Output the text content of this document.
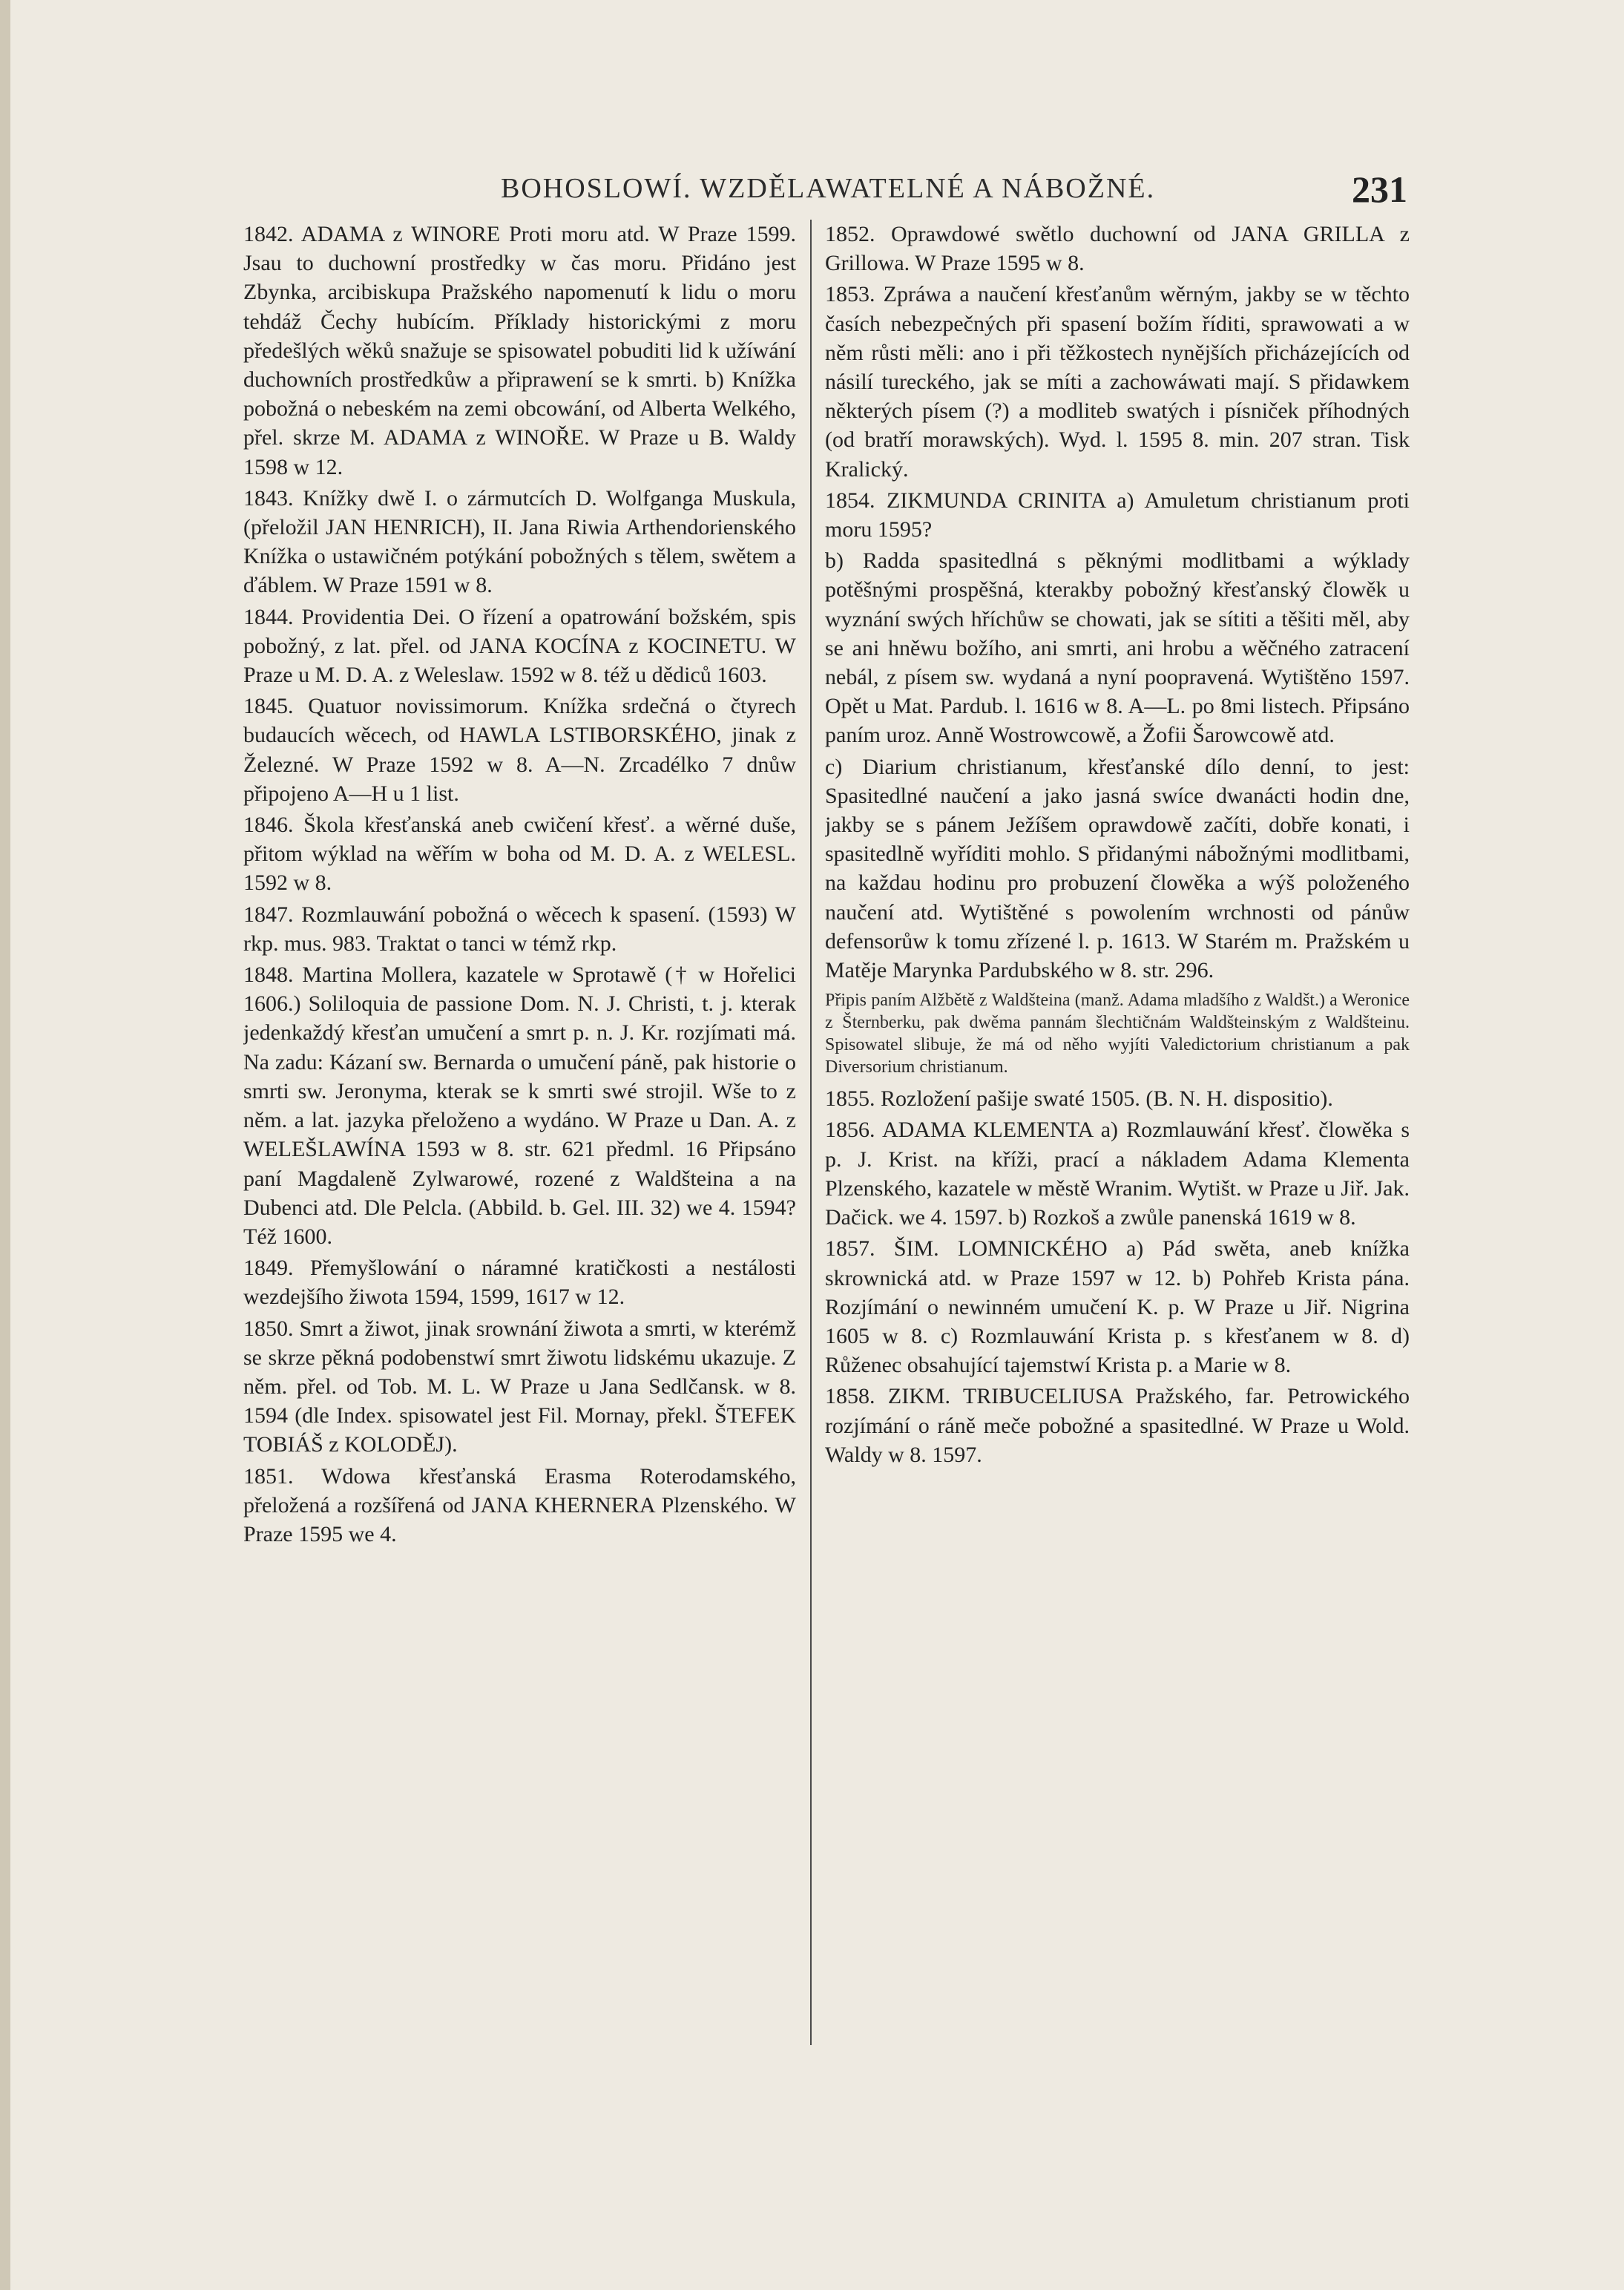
BOHOSLOWÍ. WZDĚLAWATELNÉ A NÁBOŽNÉ.	231

1842. ADAMA z WINORE Proti moru atd. W Praze 1599. Jsau to duchowní prostředky w čas moru. Přidáno jest Zbynka, arcibiskupa Pražského napomenutí k lidu o moru tehdáž Čechy hubícím. Příklady historickými z moru předešlých wěků snažuje se spisowatel pobuditi lid k užíwání duchowních prostředkůw a připrawení se k smrti. b) Knížka pobožná o nebeském na zemi obcowání, od Alberta Welkého, přel. skrze M. ADAMA z WINOŘE. W Praze u B. Waldy 1598 w 12.

1843. Knížky dwě I. o zármutcích D. Wolfganga Muskula, (přeložil JAN HENRICH), II. Jana Riwia Arthendorienského Knížka o ustawičném potýkání pobožných s tělem, swětem a ďáblem. W Praze 1591 w 8.

1844. Providentia Dei. O řízení a opatrowání božském, spis pobožný, z lat. přel. od JANA KOCÍNA z KOCINETU. W Praze u M. D. A. z Weleslaw. 1592 w 8. též u dědiců 1603.

1845. Quatuor novissimorum. Knížka srdečná o čtyrech budaucích wěcech, od HAWLA LSTIBORSKÉHO, jinak z Železné. W Praze 1592 w 8. A—N. Zrcadélko 7 dnůw připojeno A—H u 1 list.

1846. Škola křesťanská aneb cwičení křesť. a wěrné duše, přitom wýklad na wěřím w boha od M. D. A. z WELESL. 1592 w 8.

1847. Rozmlauwání pobožná o wěcech k spasení. (1593) W rkp. mus. 983. Traktat o tanci w témž rkp.

1848. Martina Mollera, kazatele w Sprotawě († w Hořelici 1606.) Soliloquia de passione Dom. N. J. Christi, t. j. kterak jedenkaždý křesťan umučení a smrt p. n. J. Kr. rozjímati má. Na zadu: Kázaní sw. Bernarda o umučení páně, pak historie o smrti sw. Jeronyma, kterak se k smrti swé strojil. Wše to z něm. a lat. jazyka přeloženo a wydáno. W Praze u Dan. A. z WELEŠLAWÍNA 1593 w 8. str. 621 předml. 16 Připsáno paní Magdaleně Zylwarowé, rozené z Waldšteina a na Dubenci atd. Dle Pelcla. (Abbild. b. Gel. III. 32) we 4. 1594? Též 1600.

1849. Přemyšlowání o náramné kratičkosti a nestálosti wezdejšího žiwota 1594, 1599, 1617 w 12.

1850. Smrt a žiwot, jinak srownání žiwota a smrti, w kterémž se skrze pěkná podobenstwí smrt žiwotu lidskému ukazuje. Z něm. přel. od Tob. M. L. W Praze u Jana Sedlčansk. w 8. 1594 (dle Index. spisowatel jest Fil. Mornay, překl. ŠTEFEK TOBIÁŠ z KOLODĚJ).

1851. Wdowa křesťanská Erasma Roterodamského, přeložená a rozšířená od JANA KHERNERA Plzenského. W Praze 1595 we 4.

1852. Oprawdowé swětlo duchowní od JANA GRILLA z Grillowa. W Praze 1595 w 8.

1853. Zpráwa a naučení křesťanům wěrným, jakby se w těchto časích nebezpečných při spasení božím říditi, sprawowati a w něm růsti měli: ano i při těžkostech nynějších přicházejících od násilí tureckého, jak se míti a zachowáwati mají. S přidawkem některých písem (?) a modliteb swatých i písniček příhodných (od bratří morawských). Wyd. l. 1595 8. min. 207 stran. Tisk Kralický.

1854. ZIKMUNDA CRINITA a) Amuletum christianum proti moru 1595?

b) Radda spasitedlná s pěknými modlitbami a wýklady potěšnými prospěšná, kterakby pobožný křesťanský člowěk u wyznání swých hříchůw se chowati, jak se sítiti a těšiti měl, aby se ani hněwu božího, ani smrti, ani hrobu a wěčného zatracení nebál, z písem sw. wydaná a nyní poopravená. Wytištěno 1597. Opět u Mat. Pardub. l. 1616 w 8. A—L. po 8mi listech. Připsáno paním uroz. Anně Wostrowcowě, a Žofii Šarowcowě atd.

c) Diarium christianum, křesťanské dílo denní, to jest: Spasitedlné naučení a jako jasná swíce dwanácti hodin dne, jakby se s pánem Ježíšem oprawdowě začíti, dobře konati, i spasitedlně wyříditi mohlo. S přidanými nábožnými modlitbami, na každau hodinu pro probuzení člowěka a wýš položeného naučení atd. Wytištěné s powolením wrchnosti od pánůw defensorůw k tomu zřízené l. p. 1613. W Starém m. Pražském u Matěje Marynka Pardubského w 8. str. 296.

Připis paním Alžbětě z Waldšteina (manž. Adama mladšího z Waldšt.) a Weronice z Šternberku, pak dwěma pannám šlechtičnám Waldšteinským z Waldšteinu. Spisowatel slibuje, že má od něho wyjíti Valedictorium christianum a pak Diversorium christianum.

1855. Rozložení pašije swaté 1505. (B. N. H. dispositio).

1856. ADAMA KLEMENTA a) Rozmlauwání křesť. člowěka s p. J. Krist. na kříži, prací a nákladem Adama Klementa Plzenského, kazatele w městě Wranim. Wytišt. w Praze u Jiř. Jak. Dačick. we 4. 1597. b) Rozkoš a zwůle panenská 1619 w 8.

1857. ŠIM. LOMNICKÉHO a) Pád swěta, aneb knížka skrownická atd. w Praze 1597 w 12. b) Pohřeb Krista pána. Rozjímání o newinném umučení K. p. W Praze u Jiř. Nigrina 1605 w 8. c) Rozmlauwání Krista p. s křesťanem w 8. d) Růženec obsahující tajemstwí Krista p. a Marie w 8.

1858. ZIKM. TRIBUCELIUSA Pražského, far. Petrowického rozjímání o ráně meče pobožné a spasitedlné. W Praze u Wold. Waldy w 8. 1597.
